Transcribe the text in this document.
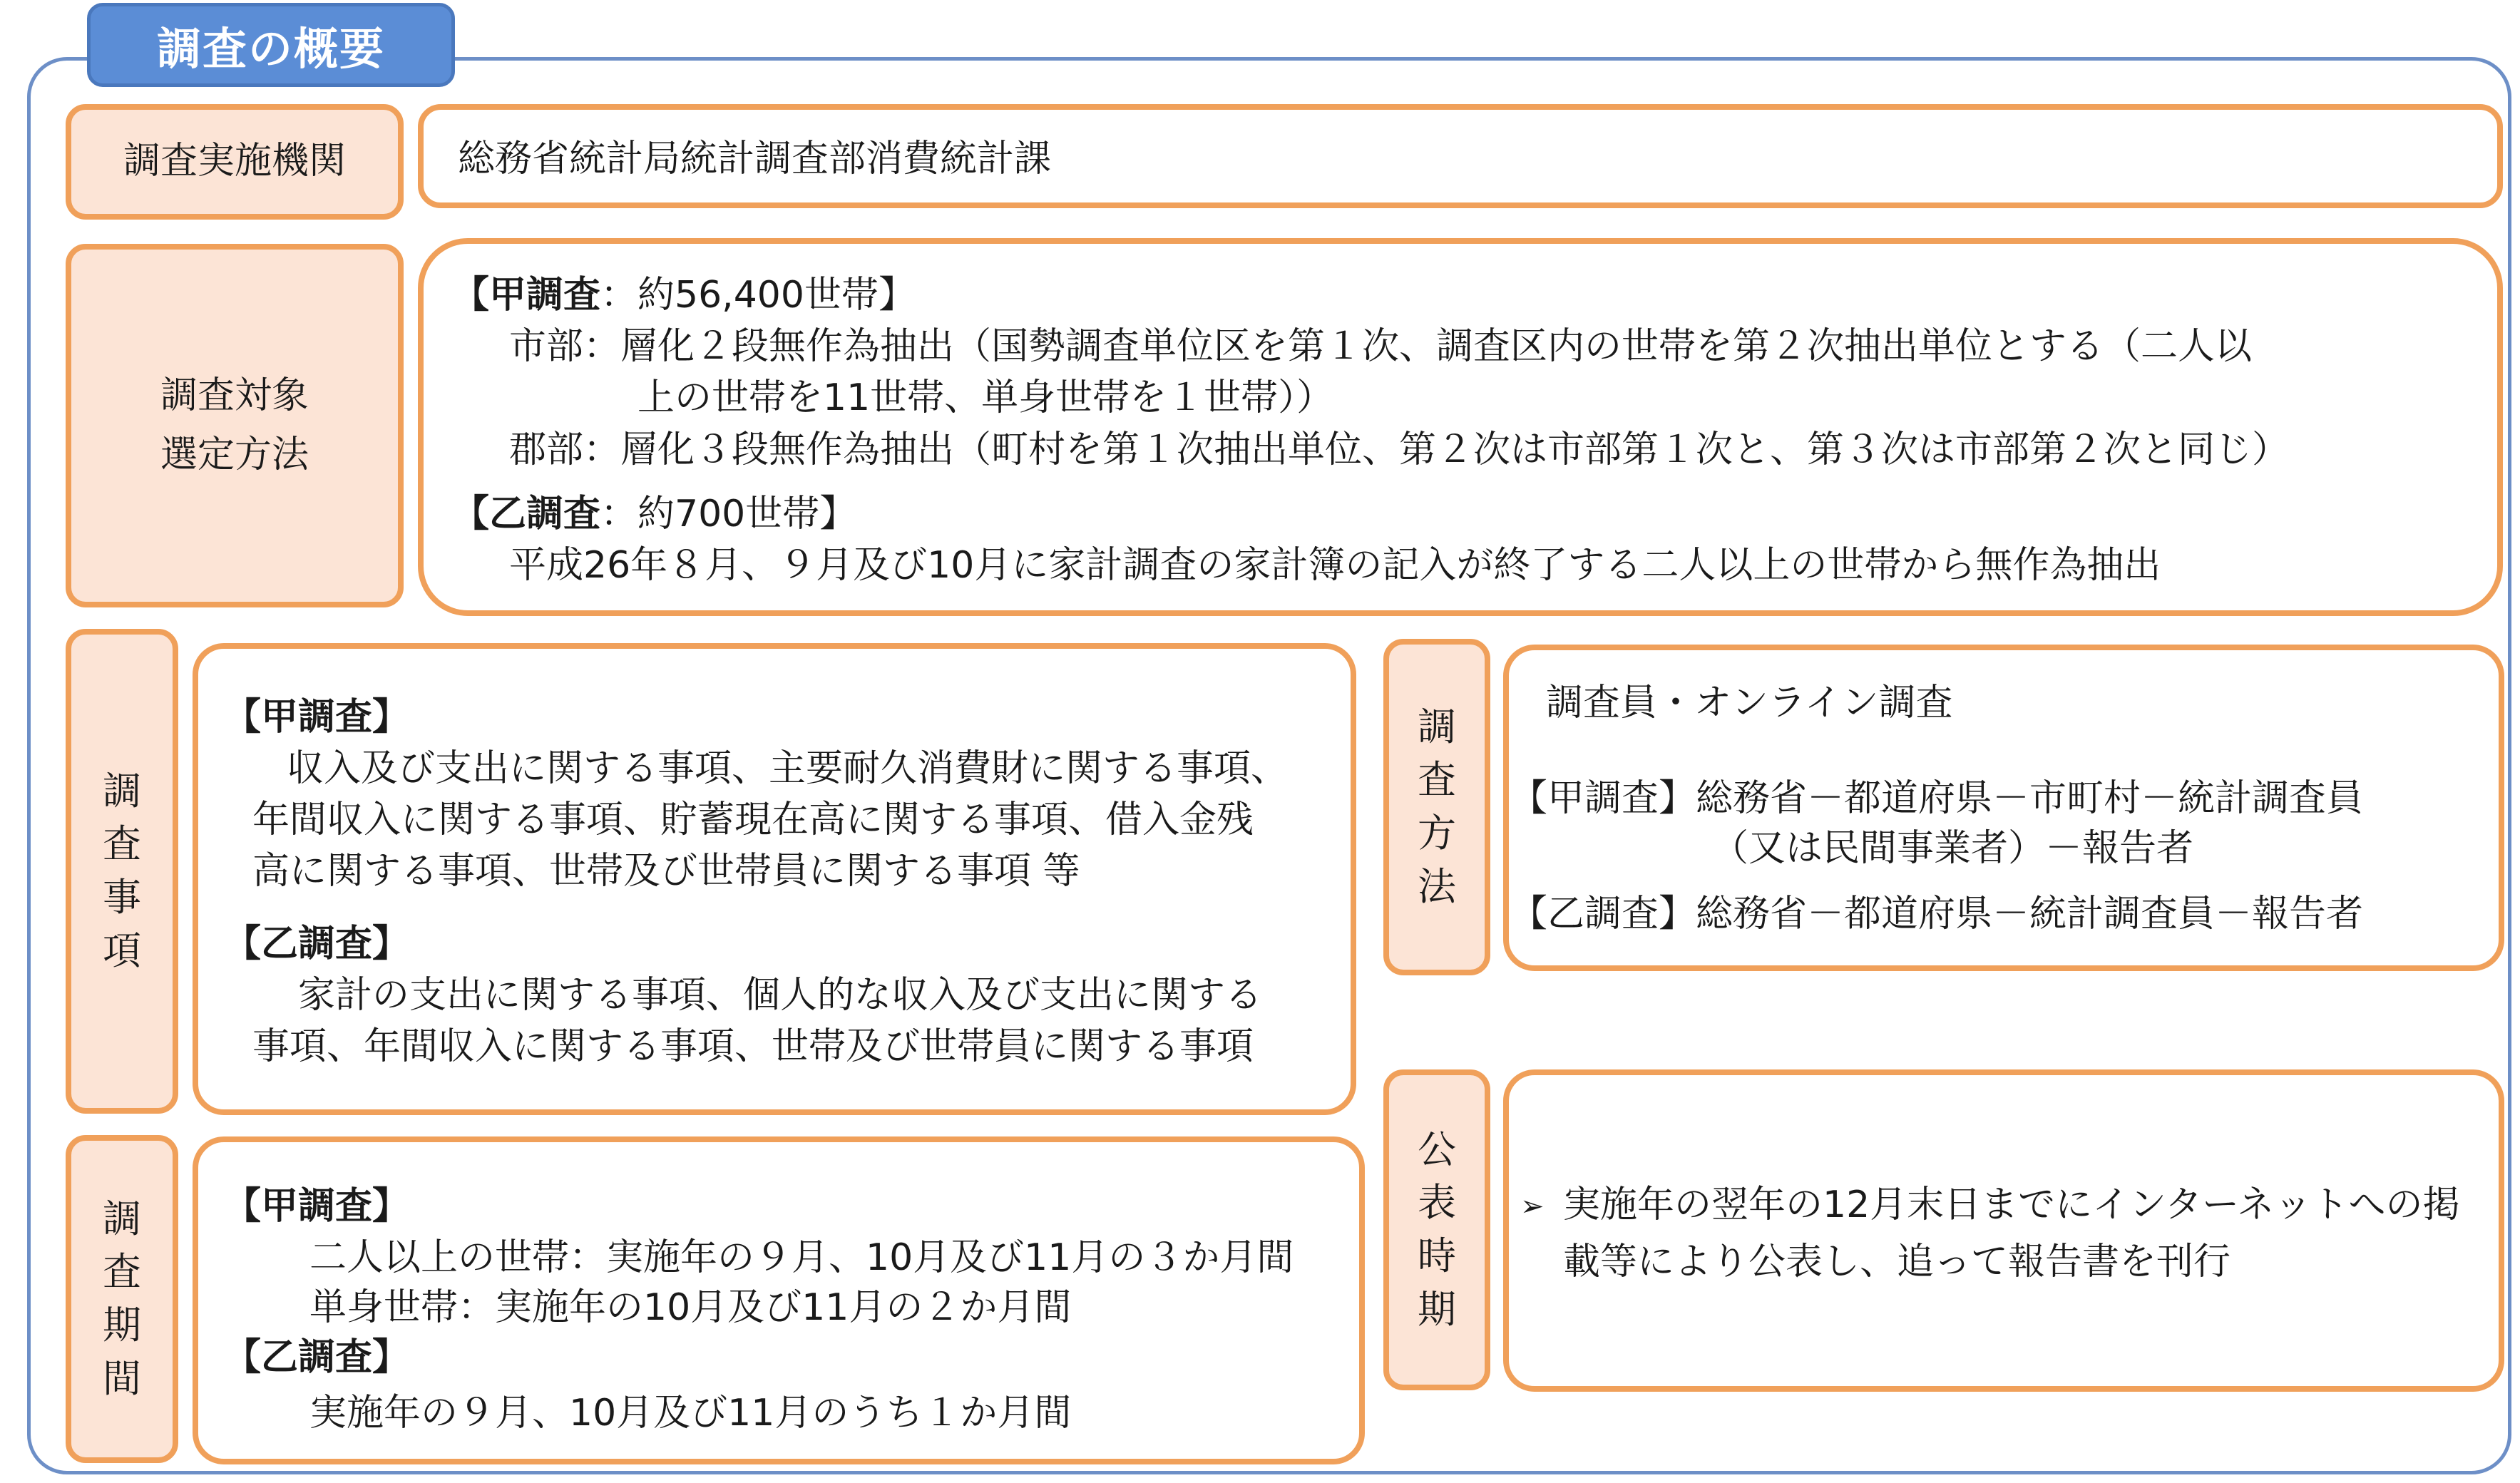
調査の概要
調査実施機関	総務省統計局統計調査部消費統計課
調査対象
選定方法
【甲調査：約56,400世帯】
市部：層化２段無作為抽出（国勢調査単位区を第１次、調査区内の世帯を第２次抽出単位とする（二人以
上の世帯を11世帯、単身世帯を１世帯））
郡部：層化３段無作為抽出（町村を第１次抽出単位、第２次は市部第１次と、第３次は市部第２次と同じ）
【乙調査：約700世帯】
平成26年８月、９月及び10月に家計調査の家計簿の記入が終了する二人以上の世帯から無作為抽出
調査事項
【甲調査】
収入及び支出に関する事項、主要耐久消費財に関する事項、
年間収入に関する事項、貯蓄現在高に関する事項、借入金残
高に関する事項、世帯及び世帯員に関する事項 等
【乙調査】
家計の支出に関する事項、個人的な収入及び支出に関する
事項、年間収入に関する事項、世帯及び世帯員に関する事項
調査方法
調査員・オンライン調査
【甲調査】総務省－都道府県－市町村－統計調査員
（又は民間事業者）－報告者
【乙調査】総務省－都道府県－統計調査員－報告者
調査期間
【甲調査】
二人以上の世帯：実施年の９月、10月及び11月の３か月間
単身世帯：実施年の10月及び11月の２か月間
【乙調査】
実施年の９月、10月及び11月のうち１か月間
公表時期
➢ 実施年の翌年の12月末日までにインターネットへの掲
載等により公表し、追って報告書を刊行
